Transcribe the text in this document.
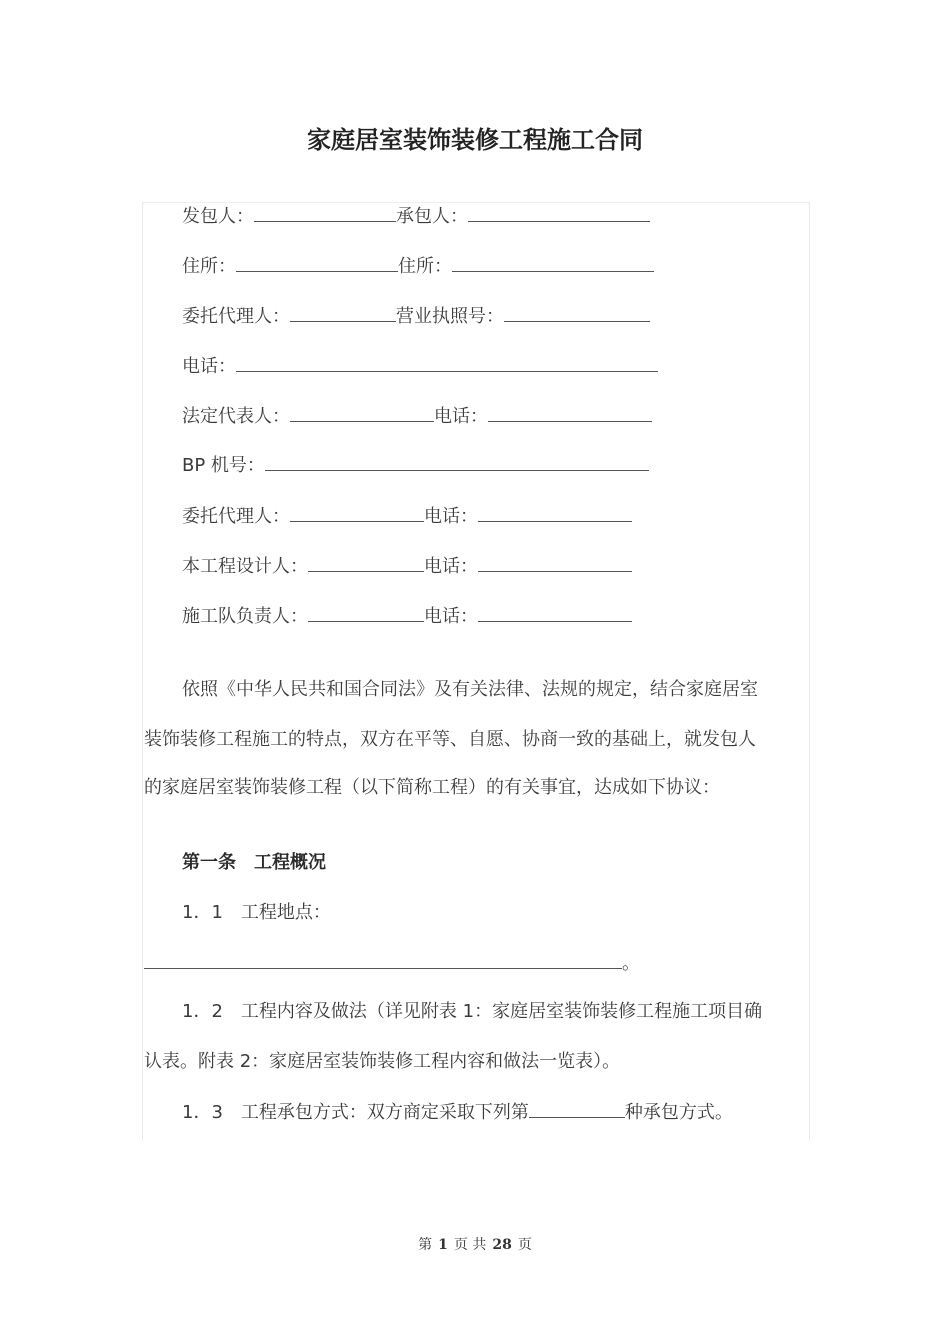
家庭居室装饰装修工程施工合同
发包人：	承包人：
住所：	住所：
委托代理人：	营业执照号：
电话：
法定代表人：	电话：
BP 机号：
委托代理人：	电话：
本工程设计人：	电话：
施工队负责人：	电话：
依照《中华人民共和国合同法》及有关法律、法规的规定，结合家庭居室
装饰装修工程施工的特点，双方在平等、自愿、协商一致的基础上，就发包人
的家庭居室装饰装修工程（以下简称工程）的有关事宜，达成如下协议：
第一条　工程概况
1．1　工程地点：
。
1．2　工程内容及做法（详见附表 1：家庭居室装饰装修工程施工项目确
认表。附表 2：家庭居室装饰装修工程内容和做法一览表）。
1．3　工程承包方式：双方商定采取下列第	种承包方式。
第 1 页 共 28 页
